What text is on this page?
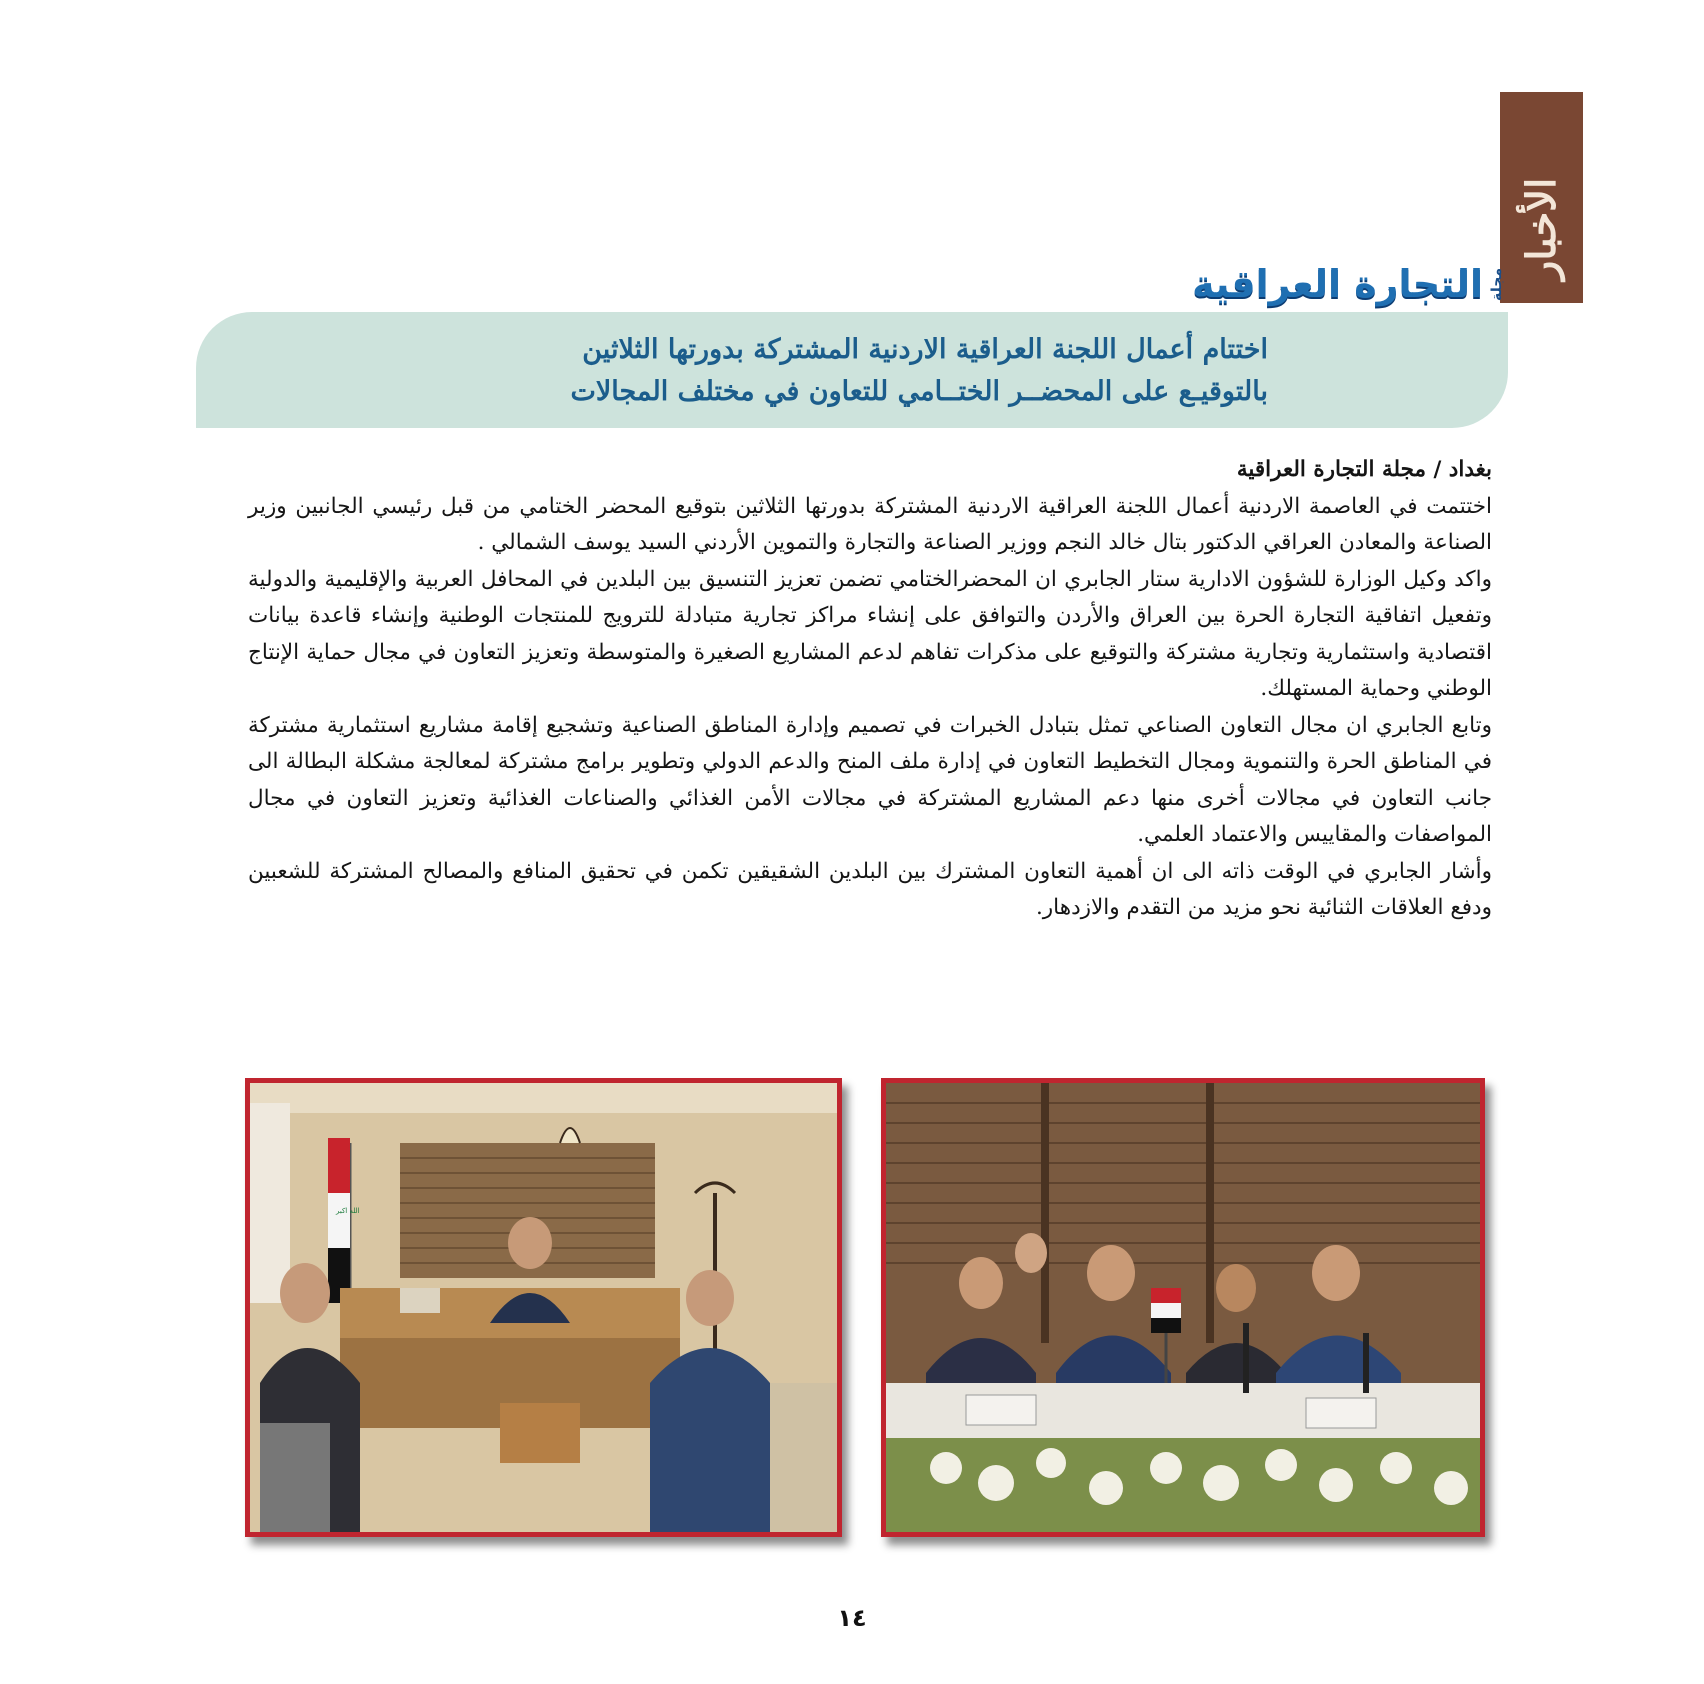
الأخبار
مجلة
التجارة العراقية
اختتام أعمال اللجنة العراقية الاردنية المشتركة بدورتها الثلاثين
بالتوقيـع على المحضــر الختــامي للتعاون في مختلف المجالات

بغداد / مجلة التجارة العراقية

اختتمت في العاصمة الاردنية أعمال اللجنة العراقية الاردنية المشتركة بدورتها الثلاثين بتوقيع المحضر الختامي من قبل رئيسي الجانبين وزير الصناعة والمعادن العراقي الدكتور بتال خالد النجم ووزير الصناعة والتجارة والتموين الأردني السيد يوسف الشمالي .

واكد وكيل الوزارة للشؤون الادارية ستار الجابري ان المحضرالختامي تضمن تعزيز التنسيق بين البلدين في المحافل العربية والإقليمية والدولية وتفعيل اتفاقية التجارة الحرة بين العراق والأردن والتوافق على إنشاء مراكز تجارية متبادلة للترويج للمنتجات الوطنية وإنشاء قاعدة بيانات اقتصادية واستثمارية وتجارية مشتركة والتوقيع على مذكرات تفاهم لدعم المشاريع الصغيرة والمتوسطة وتعزيز التعاون في مجال حماية الإنتاج الوطني وحماية المستهلك.

وتابع الجابري ان مجال التعاون الصناعي تمثل بتبادل الخبرات في تصميم وإدارة المناطق الصناعية وتشجيع إقامة مشاريع استثمارية مشتركة في المناطق الحرة والتنموية ومجال التخطيط التعاون في إدارة ملف المنح والدعم الدولي وتطوير برامج مشتركة لمعالجة مشكلة البطالة الى جانب التعاون في مجالات أخرى منها دعم المشاريع المشتركة في مجالات الأمن الغذائي والصناعات الغذائية وتعزيز التعاون في مجال المواصفات والمقاييس والاعتماد العلمي.

وأشار الجابري في الوقت ذاته الى ان أهمية التعاون المشترك بين البلدين الشقيقين تكمن في تحقيق المنافع والمصالح المشتركة للشعبين ودفع العلاقات الثنائية نحو مزيد من التقدم والازدهار.

الله اكبر
١٤
